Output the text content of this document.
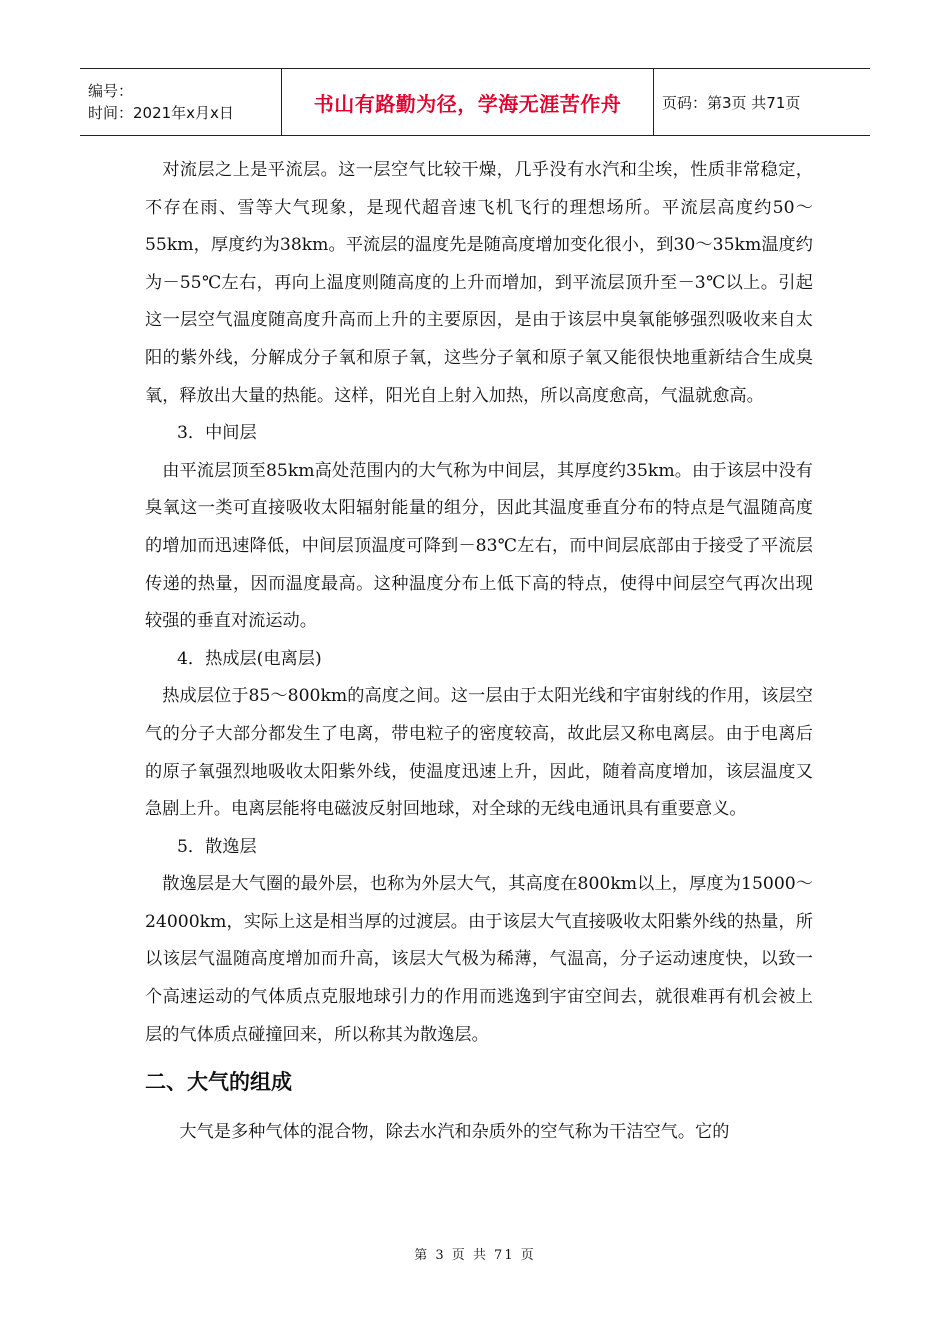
编号：
时间：2021年x月x日	书山有路勤为径，学海无涯苦作舟	页码：第3页 共71页

对流层之上是平流层。这一层空气比较干燥，几乎没有水汽和尘埃，性质非常稳定，不存在雨、雪等大气现象，是现代超音速飞机飞行的理想场所。平流层高度约50～55km，厚度约为38km。平流层的温度先是随高度增加变化很小，到30～35km温度约为－55℃左右，再向上温度则随高度的上升而增加，到平流层顶升至－3℃以上。引起这一层空气温度随高度升高而上升的主要原因，是由于该层中臭氧能够强烈吸收来自太阳的紫外线，分解成分子氧和原子氧，这些分子氧和原子氧又能很快地重新结合生成臭氧，释放出大量的热能。这样，阳光自上射入加热，所以高度愈高，气温就愈高。

3．中间层

由平流层顶至85km高处范围内的大气称为中间层，其厚度约35km。由于该层中没有臭氧这一类可直接吸收太阳辐射能量的组分，因此其温度垂直分布的特点是气温随高度的增加而迅速降低，中间层顶温度可降到－83℃左右，而中间层底部由于接受了平流层传递的热量，因而温度最高。这种温度分布上低下高的特点，使得中间层空气再次出现较强的垂直对流运动。

4．热成层(电离层)

热成层位于85～800km的高度之间。这一层由于太阳光线和宇宙射线的作用，该层空气的分子大部分都发生了电离，带电粒子的密度较高，故此层又称电离层。由于电离后的原子氧强烈地吸收太阳紫外线，使温度迅速上升，因此，随着高度增加，该层温度又急剧上升。电离层能将电磁波反射回地球，对全球的无线电通讯具有重要意义。

5．散逸层

散逸层是大气圈的最外层，也称为外层大气，其高度在800km以上，厚度为15000～24000km，实际上这是相当厚的过渡层。由于该层大气直接吸收太阳紫外线的热量，所以该层气温随高度增加而升高，该层大气极为稀薄，气温高，分子运动速度快，以致一个高速运动的气体质点克服地球引力的作用而逃逸到宇宙空间去，就很难再有机会被上层的气体质点碰撞回来，所以称其为散逸层。

二、大气的组成

大气是多种气体的混合物，除去水汽和杂质外的空气称为干洁空气。它的

第 3 页 共 71 页
